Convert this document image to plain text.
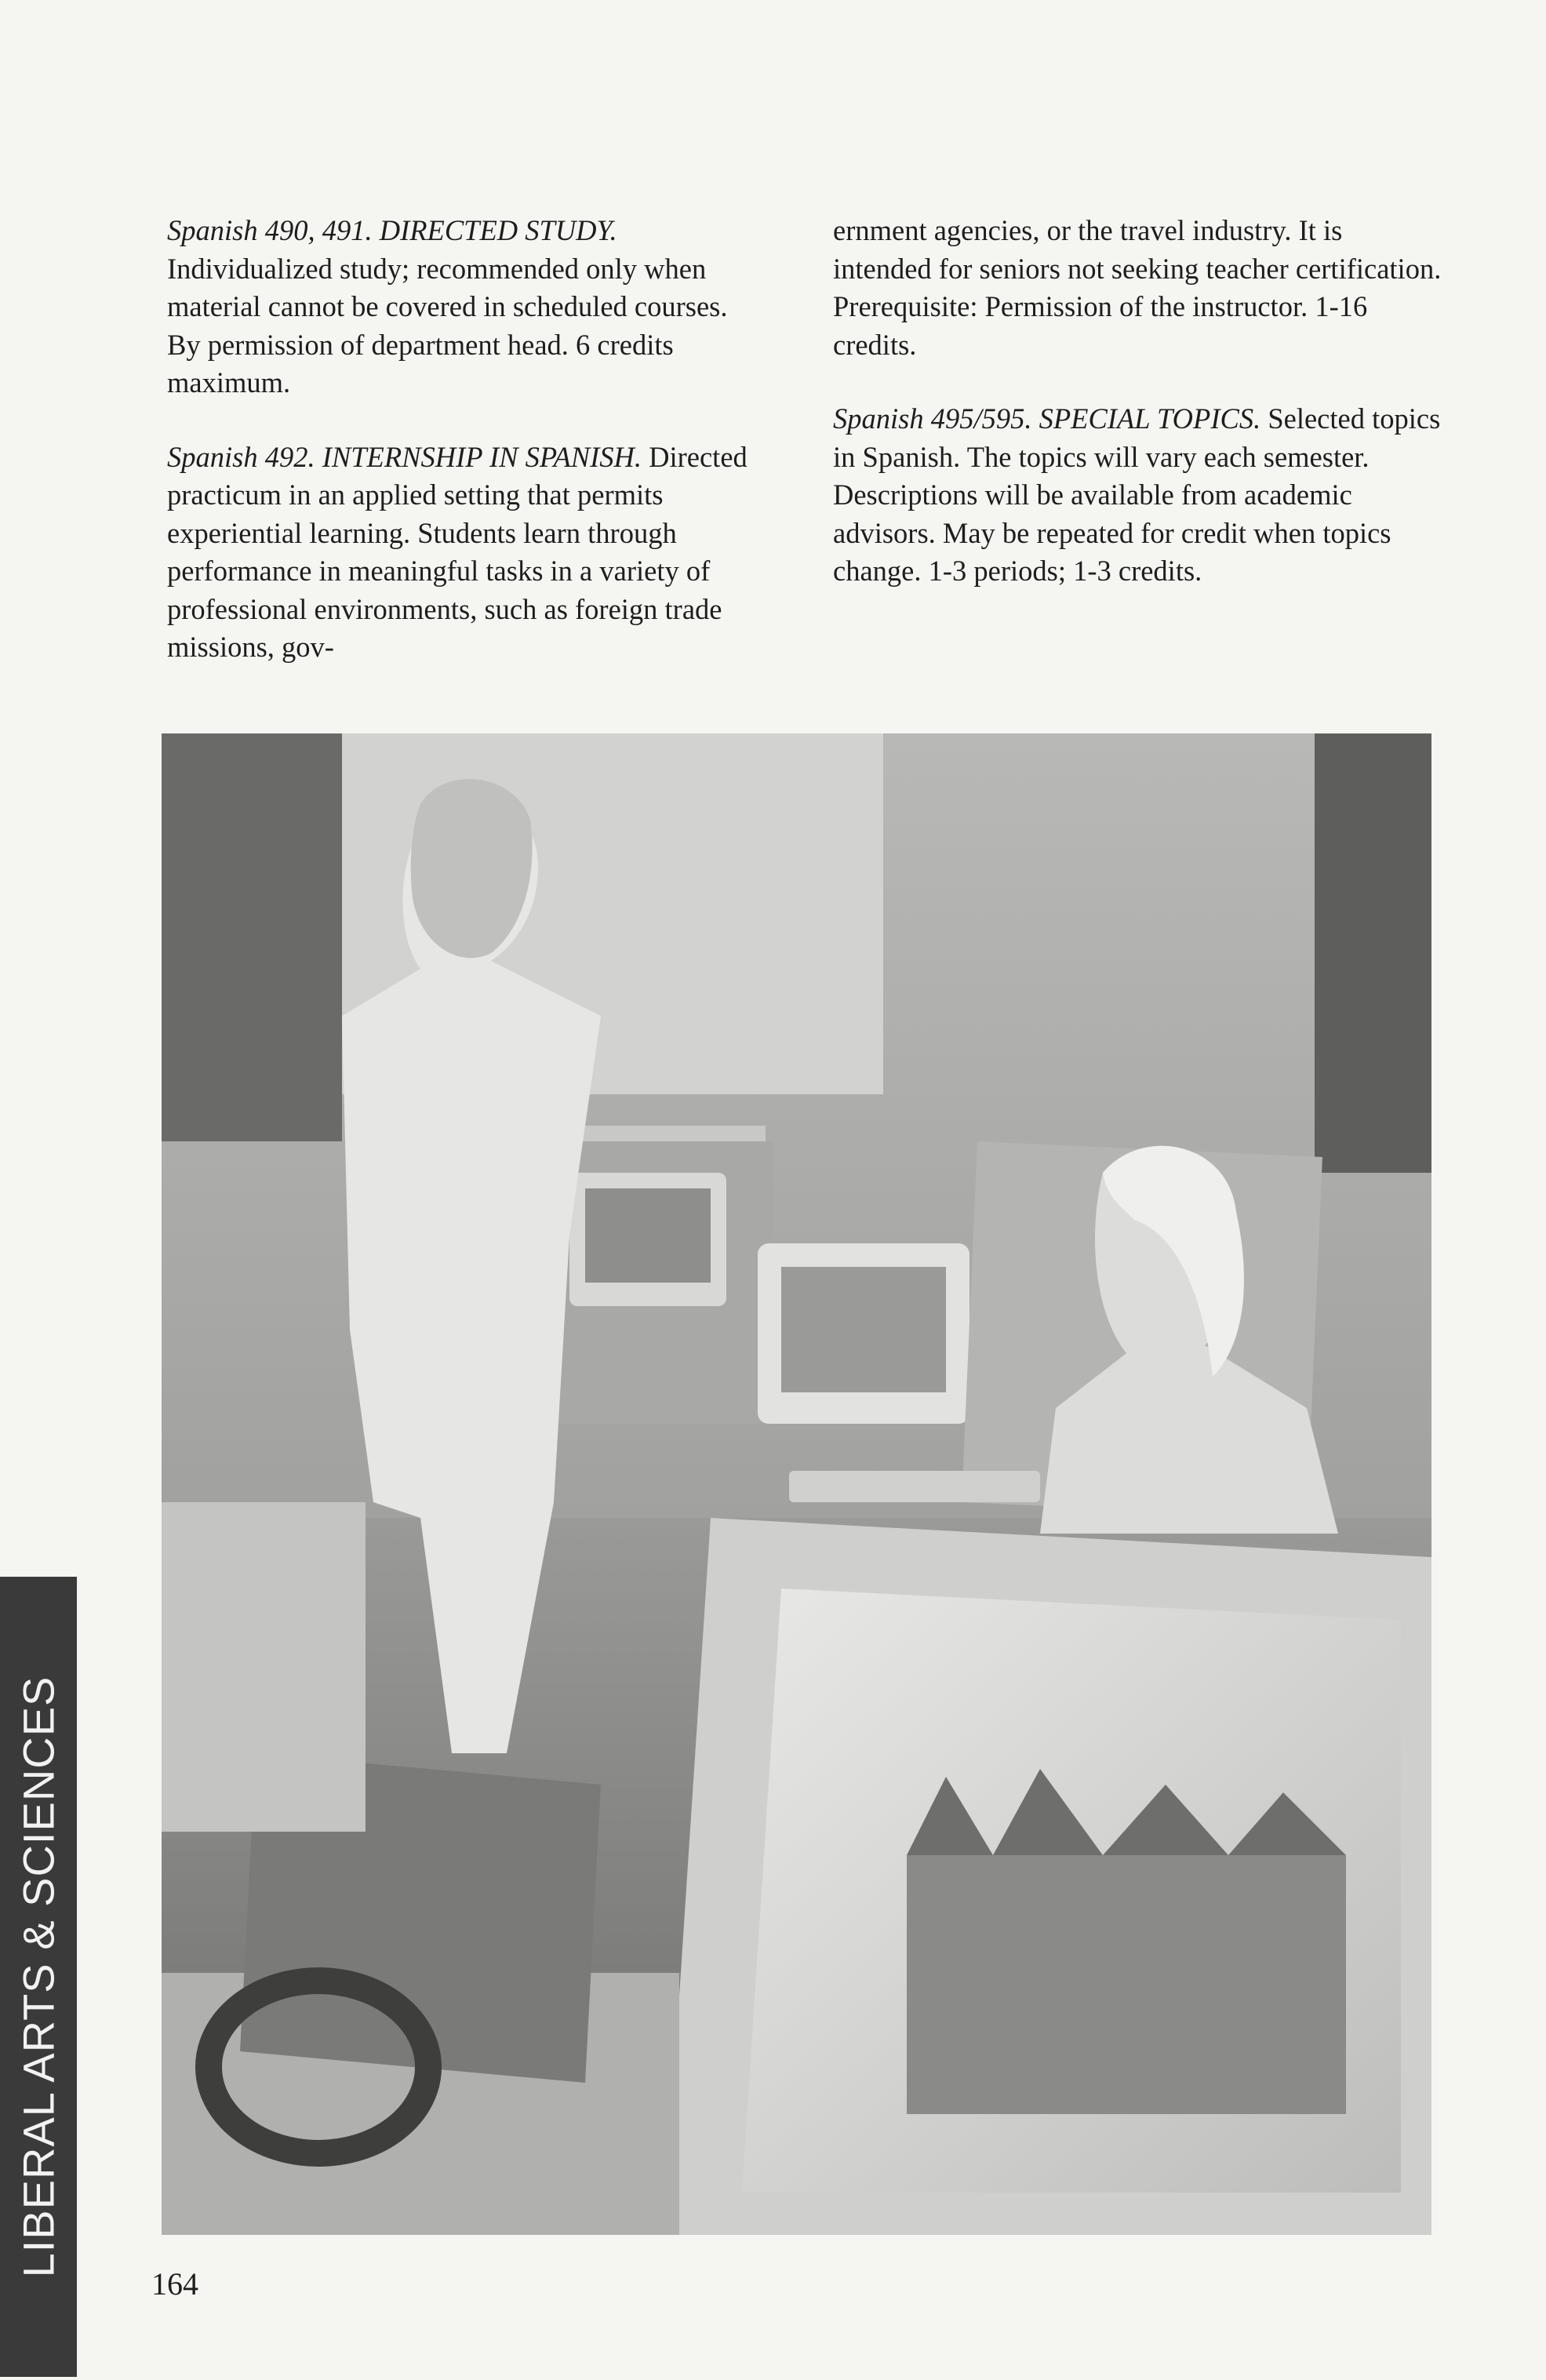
Spanish 490, 491. DIRECTED STUDY. Individualized study; recommended only when material cannot be covered in scheduled courses. By permission of department head. 6 credits maximum.

Spanish 492. INTERNSHIP IN SPANISH. Directed practicum in an applied setting that permits experiential learning. Students learn through performance in meaningful tasks in a variety of professional environments, such as foreign trade missions, gov-

ernment agencies, or the travel industry. It is intended for seniors not seeking teacher certification. Prerequisite: Permission of the instructor. 1-16 credits.

Spanish 495/595. SPECIAL TOPICS. Selected topics in Spanish. The topics will vary each semester. Descriptions will be available from academic advisors. May be repeated for credit when topics change. 1-3 periods; 1-3 credits.

LIBERAL ARTS & SCIENCES
164
